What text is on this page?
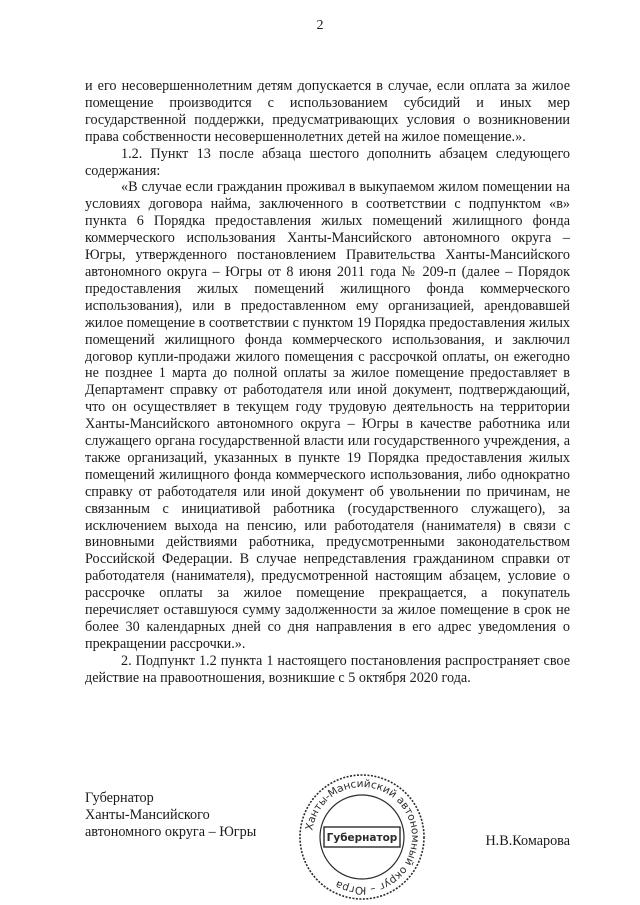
2

и его несовершеннолетним детям допускается в случае, если оплата за жилое помещение производится с использованием субсидий и иных мер государственной поддержки, предусматривающих условия о возникновении права собственности несовершеннолетних детей на жилое помещение.».

1.2. Пункт 13 после абзаца шестого дополнить абзацем следующего содержания:

«В случае если гражданин проживал в выкупаемом жилом помещении на условиях договора найма, заключенного в соответствии с подпунктом «в» пункта 6 Порядка предоставления жилых помещений жилищного фонда коммерческого использования Ханты-Мансийского автономного округа – Югры, утвержденного постановлением Правительства Ханты-Мансийского автономного округа – Югры от 8 июня 2011 года № 209-п (далее – Порядок предоставления жилых помещений жилищного фонда коммерческого использования), или в предоставленном ему организацией, арендовавшей жилое помещение в соответствии с пунктом 19 Порядка предоставления жилых помещений жилищного фонда коммерческого использования, и заключил договор купли-продажи жилого помещения с рассрочкой оплаты, он ежегодно не позднее 1 марта до полной оплаты за жилое помещение предоставляет в Департамент справку от работодателя или иной документ, подтверждающий, что он осуществляет в текущем году трудовую деятельность на территории Ханты-Мансийского автономного округа – Югры в качестве работника или служащего органа государственной власти или государственного учреждения, а также организаций, указанных в пункте 19 Порядка предоставления жилых помещений жилищного фонда коммерческого использования, либо однократно справку от работодателя или иной документ об увольнении по причинам, не связанным с инициативой работника (государственного служащего), за исключением выхода на пенсию, или работодателя (нанимателя) в связи с виновными действиями работника, предусмотренными законодательством Российской Федерации. В случае непредставления гражданином справки от работодателя (нанимателя), предусмотренной настоящим абзацем, условие о рассрочке оплаты за жилое помещение прекращается, а покупатель перечисляет оставшуюся сумму задолженности за жилое помещение в срок не более 30 календарных дней со дня направления в его адрес уведомления о прекращении рассрочки.».

2. Подпункт 1.2 пункта 1 настоящего постановления распространяет свое действие на правоотношения, возникшие с 5 октября 2020 года.

Губернатор
Ханты-Мансийского
автономного округа – Югры	Ханты-Мансийский автономный округ – Югра
Губернатор	Н.В.Комарова
